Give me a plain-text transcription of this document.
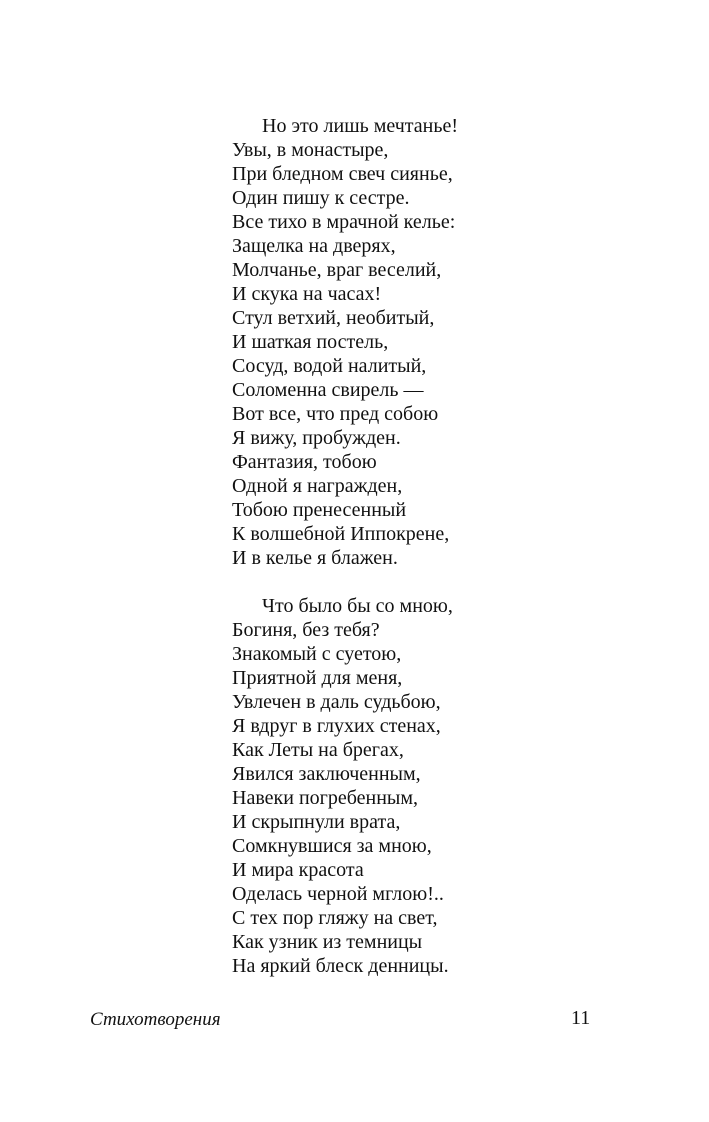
Но это лишь мечтанье!
Увы, в монастыре,
При бледном свеч сиянье,
Один пишу к сестре.
Все тихо в мрачной келье:
Защелка на дверях,
Молчанье, враг веселий,
И скука на часах!
Стул ветхий, необитый,
И шаткая постель,
Сосуд, водой налитый,
Соломенна свирель —
Вот все, что пред собою
Я вижу, пробужден.
Фантазия, тобою
Одной я награжден,
Тобою пренесенный
К волшебной Иппокрене,
И в келье я блажен.
Что было бы со мною,
Богиня, без тебя?
Знакомый с суетою,
Приятной для меня,
Увлечен в даль судьбою,
Я вдруг в глухих стенах,
Как Леты на брегах,
Явился заключенным,
Навеки погребенным,
И скрыпнули врата,
Сомкнувшися за мною,
И мира красота
Оделась черной мглою!..
С тех пор гляжу на свет,
Как узник из темницы
На яркий блеск денницы.
Стихотворения	11
